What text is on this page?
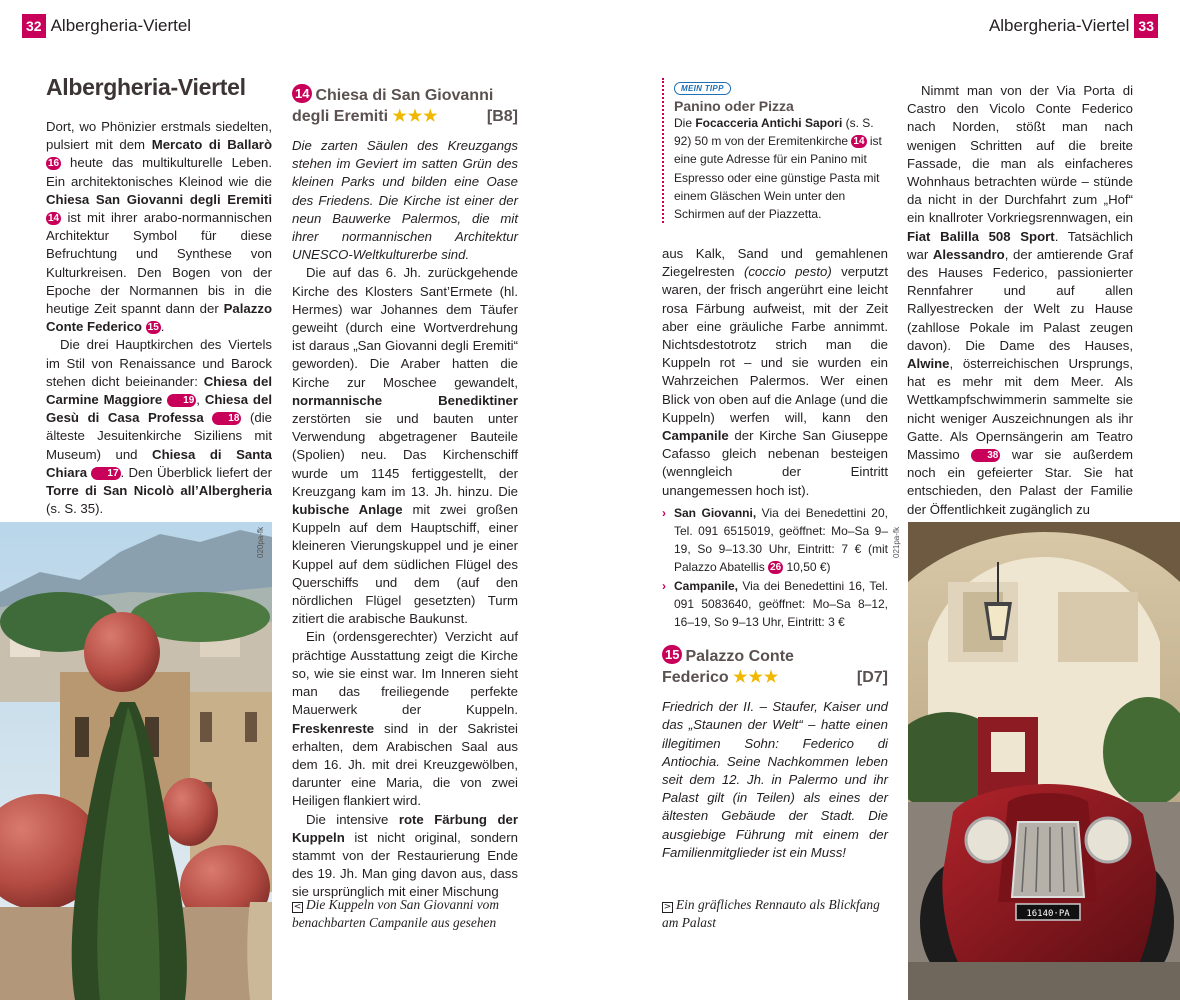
32 Albergheria-Viertel
Albergheria-Viertel

Dort, wo Phönizier erstmals siedelten, pulsiert mit dem Mercato di Ballarò 16 heute das multikulturelle Leben. Ein architektonisches Kleinod wie die Chiesa San Giovanni degli Eremiti 14 ist mit ihrer arabo-normannischen Architektur Symbol für diese Befruchtung und Synthese von Kulturkreisen. Den Bogen von der Epoche der Normannen bis in die heutige Zeit spannt dann der Palazzo Conte Federico 15 .

Die drei Hauptkirchen des Viertels im Stil von Renaissance und Barock stehen dicht beieinander: Chiesa del Carmine Maggiore 19 , Chiesa del Gesù di Casa Professa 18 (die älteste Jesuitenkirche Siziliens mit Museum) und Chiesa di Santa Chiara 17 . Den Überblick liefert der Torre di San Nicolò all’Albergheria (s. S. 35).

020pa-fk
14 Chiesa di San Giovanni
degli Eremiti ★★★	[B8]

Die zarten Säulen des Kreuzgangs stehen im Geviert im satten Grün des kleinen Parks und bilden eine Oase des Friedens. Die Kirche ist einer der neun Bauwerke Palermos, die mit ihrer normannischen Architektur UNESCO-Weltkulturerbe sind.

Die auf das 6. Jh. zurückgehende Kirche des Klosters Sant’Ermete (hl. Hermes) war Johannes dem Täufer geweiht (durch eine Wortverdrehung ist daraus „San Giovanni degli Eremiti“ geworden). Die Araber hatten die Kirche zur Moschee gewandelt, normannische Benediktiner zerstörten sie und bauten unter Verwendung abgetragener Bauteile (Spolien) neu. Das Kirchenschiff wurde um 1145 fertiggestellt, der Kreuzgang kam im 13. Jh. hinzu. Die kubische Anlage mit zwei großen Kuppeln auf dem Hauptschiff, einer kleineren Vierungskuppel und je einer Kuppel auf dem südlichen Flügel des Querschiffs und dem (auf den nördlichen Flügel gesetzten) Turm zitiert die arabische Baukunst.

Ein (ordensgerechter) Verzicht auf prächtige Ausstattung zeigt die Kirche so, wie sie einst war. Im Inneren sieht man das freiliegende perfekte Mauerwerk der Kuppeln. Freskenreste sind in der Sakristei erhalten, dem Arabischen Saal aus dem 16. Jh. mit drei Kreuzgewölben, darunter eine Maria, die von zwei Heiligen flankiert wird.

Die intensive rote Färbung der Kuppeln ist nicht original, sondern stammt von der Restaurierung Ende des 19. Jh. Man ging davon aus, dass sie ursprünglich mit einer Mischung

< Die Kuppeln von San Giovanni vom benachbarten Campanile aus gesehen
Albergheria-Viertel 33
MEIN TIPP
Panino oder Pizza
Die Focacceria Antichi Sapori (s. S. 92) 50 m von der Eremitenkirche 14 ist eine gute Adresse für ein Panino mit Espresso oder eine günstige Pasta mit einem Gläschen Wein unter den Schirmen auf der Piazzetta.

aus Kalk, Sand und gemahlenen Ziegelresten (coccio pesto) verputzt waren, der frisch angerührt eine leicht rosa Färbung aufweist, mit der Zeit aber eine gräuliche Farbe annimmt. Nichtsdestotrotz strich man die Kuppeln rot – und sie wurden ein Wahrzeichen Palermos. Wer einen Blick von oben auf die Anlage (und die Kuppeln) werfen will, kann den Campanile der Kirche San Giuseppe Cafasso gleich nebenan besteigen (wenngleich der Eintritt unangemessen hoch ist).

› San Giovanni, Via dei Benedettini 20, Tel. 091 6515019, geöffnet: Mo–Sa 9–19, So 9–13.30 Uhr, Eintritt: 7 € (mit Palazzo Abatellis 26 10,50 €)
› Campanile, Via dei Benedettini 16, Tel. 091 5083640, geöffnet: Mo–Sa 8–12, 16–19, So 9–13 Uhr, Eintritt: 3 €
15 Palazzo Conte
Federico ★★★	[D7]

Friedrich der II. – Staufer, Kaiser und das „Staunen der Welt“ – hatte einen illegitimen Sohn: Federico di Antiochia. Seine Nachkommen leben seit dem 12. Jh. in Palermo und ihr Palast gilt (in Teilen) als eines der ältesten Gebäude der Stadt. Die ausgiebige Führung mit einem der Familienmitglieder ist ein Muss!

Nimmt man von der Via Porta di Castro den Vicolo Conte Federico nach Norden, stößt man nach wenigen Schritten auf die breite Fassade, die man als einfacheres Wohnhaus betrachten würde – stünde da nicht in der Durchfahrt zum „Hof“ ein knallroter Vorkriegsrennwagen, ein Fiat Balilla 508 Sport. Tatsächlich war Alessandro, der amtierende Graf des Hauses Federico, passionierter Rennfahrer und auf allen Rallyestrecken der Welt zu Hause (zahllose Pokale im Palast zeugen davon). Die Dame des Hauses, Alwine, österreichischen Ursprungs, hat es mehr mit dem Meer. Als Wettkampfschwimmerin sammelte sie nicht weniger Auszeichnungen als ihr Gatte. Als Opernsängerin am Teatro Massimo 38 war sie außerdem noch ein gefeierter Star. Sie hat entschieden, den Palast der Familie der Öffentlichkeit zugänglich zu

16140·PA
021pa-fk
> Ein gräfliches Rennauto als Blickfang am Palast
